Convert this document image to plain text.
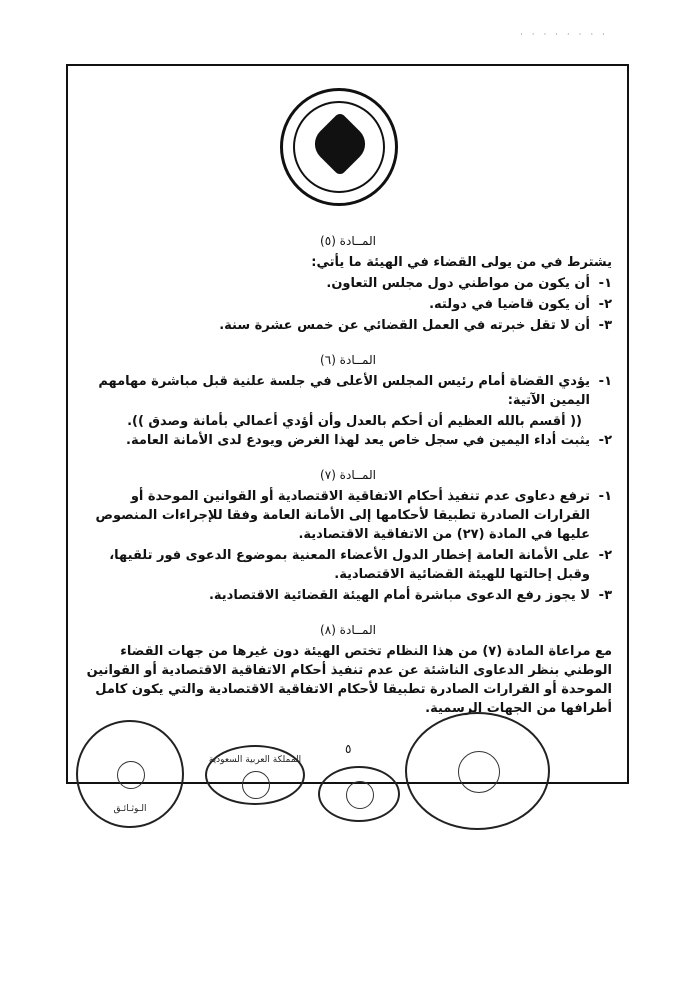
· · · · · · · ·
المــادة (٥)
يشترط في من يولى القضاء في الهيئة ما يأتي:
١-
أن يكون من مواطني دول مجلس التعاون.
٢-
أن يكون قاضيا في دولته.
٣-
أن لا تقل خبرته في العمل القضائي عن خمس عشرة سنة.
المــادة (٦)
١-
يؤدي القضاة أمام رئيس المجلس الأعلى في جلسة علنية قبل مباشرة مهامهم اليمين الآتية:
(( أقسم بالله العظيم أن أحكم بالعدل وأن أؤدي أعمالي بأمانة وصدق )).
٢-
يثبت أداء اليمين في سجل خاص يعد لهذا الغرض ويودع لدى الأمانة العامة.
المــادة (٧)
١-
ترفع دعاوى عدم تنفيذ أحكام الاتفاقية الاقتصادية أو القوانين الموحدة أو القرارات الصادرة تطبيقا لأحكامها إلى الأمانة العامة وفقا للإجراءات المنصوص عليها في المادة (٢٧) من الاتفاقية الاقتصادية.
٢-
على الأمانة العامة إخطار الدول الأعضاء المعنية بموضوع الدعوى فور تلقيها، وقبل إحالتها للهيئة القضائية الاقتصادية.
٣-
لا يجوز رفع الدعوى مباشرة أمام الهيئة القضائية الاقتصادية.
المــادة (٨)
مع مراعاة المادة (٧) من هذا النظام تختص الهيئة دون غيرها من جهات القضاء الوطني بنظر الدعاوى الناشئة عن عدم تنفيذ أحكام الاتفاقية الاقتصادية أو القوانين الموحدة أو القرارات الصادرة تطبيقا لأحكام الاتفاقية الاقتصادية والتي يكون كامل أطرافها من الجهات الرسمية.
٥
الـوثـائـق
المملكة العربية السعودية
